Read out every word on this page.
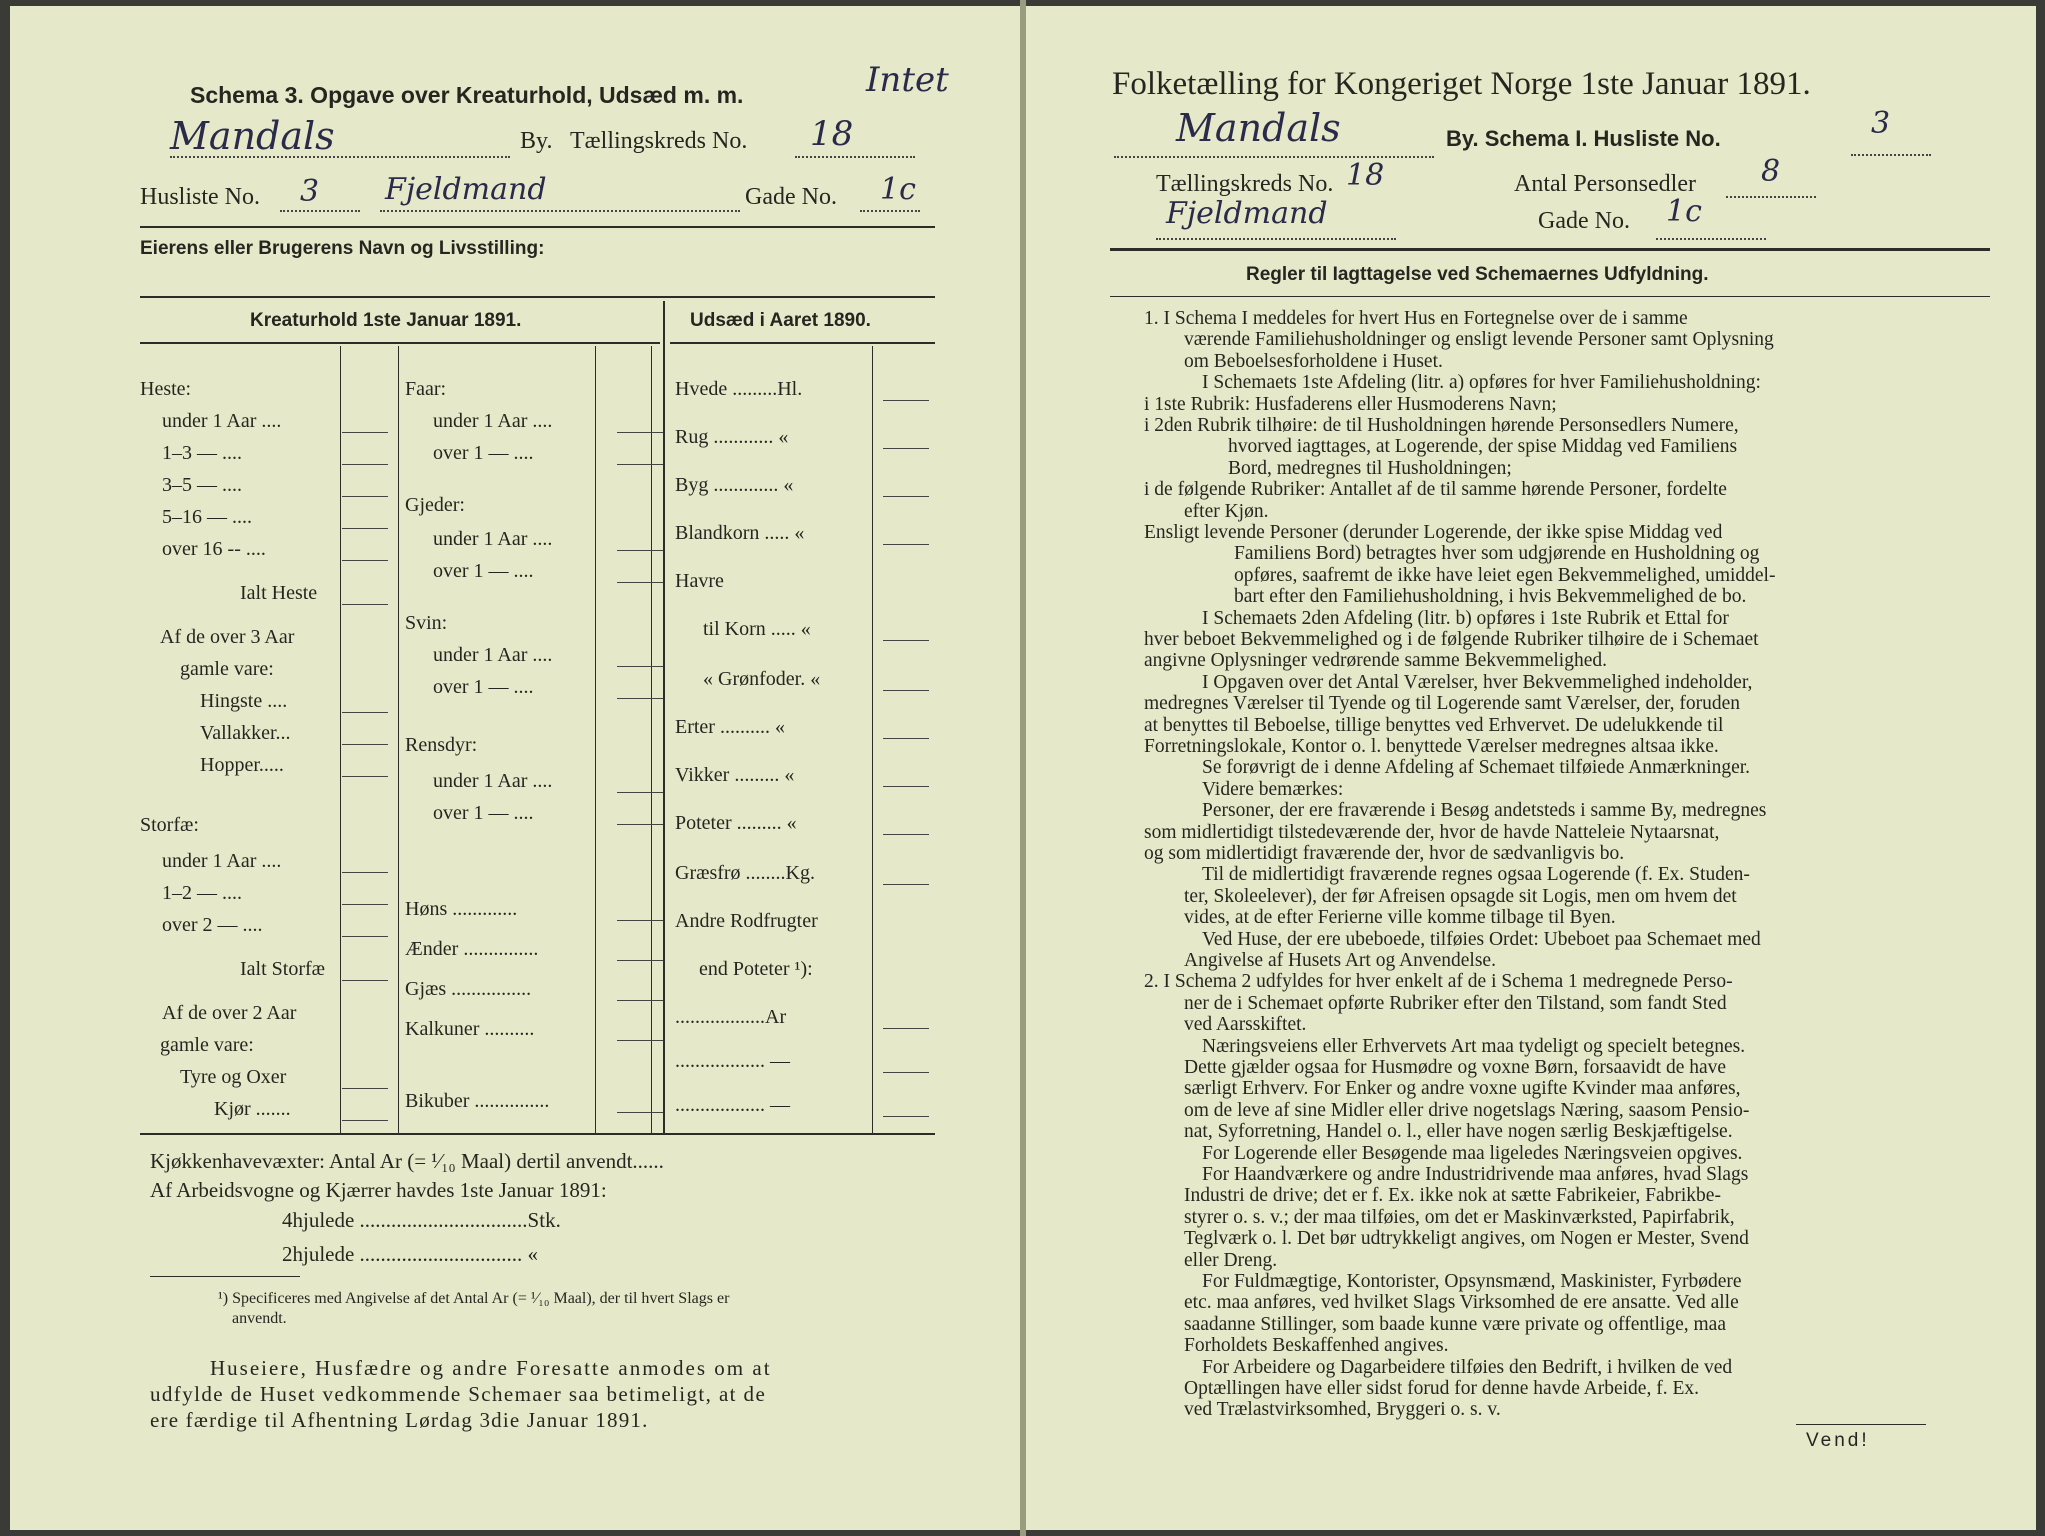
Schema 3. Opgave over Kreaturhold, Udsæd m. m.	Intet
Mandals	By. Tællingskreds No. 18
Husliste No. 3 Fjeldmand	Gade No. 1c
Eierens eller Brugerens Navn og Livsstilling:
Kreaturhold 1ste Januar 1891.	Udsæd i Aaret 1890.
Heste:
under 1 Aar ....
1–3 — ....
3–5 — ....
5–16 — ....
over 16 -- ....
Ialt Heste
Af de over 3 Aar
gamle vare:
Hingste ....
Vallakker...
Hopper.....
Storfæ:
under 1 Aar ....
1–2 — ....
over 2 — ....
Ialt Storfæ
Af de over 2 Aar
gamle vare:
Tyre og Oxer
Kjør .......
Faar:
under 1 Aar ....
over 1 — ....
Gjeder:
under 1 Aar ....
over 1 — ....
Svin:
under 1 Aar ....
over 1 — ....
Rensdyr:
under 1 Aar ....
over 1 — ....
Høns .............
Ænder ...............
Gjæs ................
Kalkuner ..........
Bikuber ...............
Hvede .........Hl.
Rug ............ «
Byg ............. «
Blandkorn ..... «
Havre
til Korn ..... «
« Grønfoder. «
Erter .......... «
Vikker ......... «
Poteter ......... «
Græsfrø ........Kg.
Andre Rodfrugter
end Poteter ¹):
..................Ar
.................. —
.................. —
Kjøkkenhavevæxter: Antal Ar (= ¹⁄₁₀ Maal) dertil anvendt......
Af Arbeidsvogne og Kjærrer havdes 1ste Januar 1891:
4hjulede ................................Stk.
2hjulede ............................... «
¹) Specificeres med Angivelse af det Antal Ar (= ¹⁄₁₀ Maal), der til hvert Slags er
anvendt.
Huseiere, Husfædre og andre Foresatte anmodes om at
udfylde de Huset vedkommende Schemaer saa betimeligt, at de
ere færdige til Afhentning Lørdag 3die Januar 1891.
Folketælling for Kongeriget Norge 1ste Januar 1891.
Mandals	By. Schema I. Husliste No.	3
Tællingskreds No. 18	Antal Personsedler 8
Fjeldmand	Gade No. 1c
Regler til Iagttagelse ved Schemaernes Udfyldning.
1. I Schema I meddeles for hvert Hus en Fortegnelse over de i samme
værende Familiehusholdninger og ensligt levende Personer samt Oplysning
om Beboelsesforholdene i Huset.
I Schemaets 1ste Afdeling (litr. a) opføres for hver Familiehusholdning:
i 1ste Rubrik: Husfaderens eller Husmoderens Navn;
i 2den Rubrik tilhøire: de til Husholdningen hørende Personsedlers Numere,
hvorved iagttages, at Logerende, der spise Middag ved Familiens
Bord, medregnes til Husholdningen;
i de følgende Rubriker: Antallet af de til samme hørende Personer, fordelte
efter Kjøn.
Ensligt levende Personer (derunder Logerende, der ikke spise Middag ved
Familiens Bord) betragtes hver som udgjørende en Husholdning og
opføres, saafremt de ikke have leiet egen Bekvemmelighed, umiddel-
bart efter den Familiehusholdning, i hvis Bekvemmelighed de bo.
I Schemaets 2den Afdeling (litr. b) opføres i 1ste Rubrik et Ettal for
hver beboet Bekvemmelighed og i de følgende Rubriker tilhøire de i Schemaet
angivne Oplysninger vedrørende samme Bekvemmelighed.
I Opgaven over det Antal Værelser, hver Bekvemmelighed indeholder,
medregnes Værelser til Tyende og til Logerende samt Værelser, der, foruden
at benyttes til Beboelse, tillige benyttes ved Erhvervet. De udelukkende til
Forretningslokale, Kontor o. l. benyttede Værelser medregnes altsaa ikke.
Se forøvrigt de i denne Afdeling af Schemaet tilføiede Anmærkninger.
Videre bemærkes:
Personer, der ere fraværende i Besøg andetsteds i samme By, medregnes
som midlertidigt tilstedeværende der, hvor de havde Natteleie Nytaarsnat,
og som midlertidigt fraværende der, hvor de sædvanligvis bo.
Til de midlertidigt fraværende regnes ogsaa Logerende (f. Ex. Studen-
ter, Skoleelever), der før Afreisen opsagde sit Logis, men om hvem det
vides, at de efter Ferierne ville komme tilbage til Byen.
Ved Huse, der ere ubeboede, tilføies Ordet: Ubeboet paa Schemaet med
Angivelse af Husets Art og Anvendelse.
2. I Schema 2 udfyldes for hver enkelt af de i Schema 1 medregnede Perso-
ner de i Schemaet opførte Rubriker efter den Tilstand, som fandt Sted
ved Aarsskiftet.
Næringsveiens eller Erhvervets Art maa tydeligt og specielt betegnes.
Dette gjælder ogsaa for Husmødre og voxne Børn, forsaavidt de have
særligt Erhverv. For Enker og andre voxne ugifte Kvinder maa anføres,
om de leve af sine Midler eller drive nogetslags Næring, saasom Pensio-
nat, Syforretning, Handel o. l., eller have nogen særlig Beskjæftigelse.
For Logerende eller Besøgende maa ligeledes Næringsveien opgives.
For Haandværkere og andre Industridrivende maa anføres, hvad Slags
Industri de drive; det er f. Ex. ikke nok at sætte Fabrikeier, Fabrikbe-
styrer o. s. v.; der maa tilføies, om det er Maskinværksted, Papirfabrik,
Teglværk o. l. Det bør udtrykkeligt angives, om Nogen er Mester, Svend
eller Dreng.
For Fuldmægtige, Kontorister, Opsynsmænd, Maskinister, Fyrbødere
etc. maa anføres, ved hvilket Slags Virksomhed de ere ansatte. Ved alle
saadanne Stillinger, som baade kunne være private og offentlige, maa
Forholdets Beskaffenhed angives.
For Arbeidere og Dagarbeidere tilføies den Bedrift, i hvilken de ved
Optællingen have eller sidst forud for denne havde Arbeide, f. Ex.
ved Trælastvirksomhed, Bryggeri o. s. v.
Vend!
